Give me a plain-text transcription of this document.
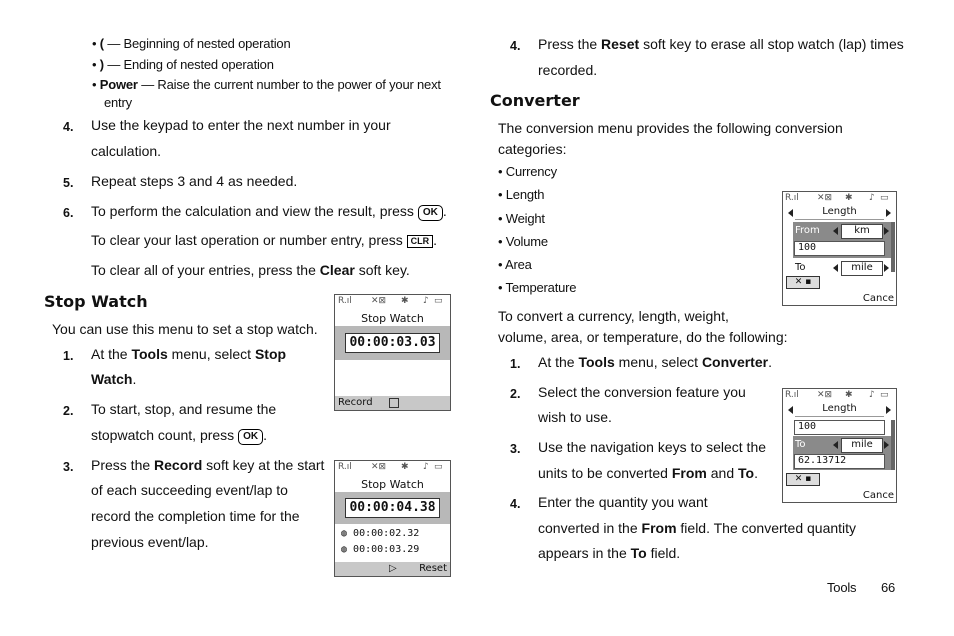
• ( — Beginning of nested operation
• ) — Ending of nested operation
• Power — Raise the current number to the power of your next
entry
4. Use the keypad to enter the next number in your
calculation.
5. Repeat steps 3 and 4 as needed.
6. To perform the calculation and view the result, press OK .
To clear your last operation or number entry, press CLR .
To clear all of your entries, press the Clear soft key.
Stop Watch
You can use this menu to set a stop watch.
1. At the Tools menu, select Stop
Watch.
2. To start, stop, and resume the
stopwatch count, press OK .
3. Press the Record soft key at the start
of each succeeding event/lap to
record the completion time for the
previous event/lap.
R.ıl ✕⊠ ✱ ♪ ▭
Stop Watch
00:00:03.03
Record
R.ıl ✕⊠ ✱ ♪ ▭
Stop Watch
00:00:04.38
◍ 00:00:02.32
◍ 00:00:03.29
▷ Reset
4. Press the Reset soft key to erase all stop watch (lap) times
recorded.
Converter
The conversion menu provides the following conversion
categories:
• Currency
• Length
• Weight
• Volume
• Area
• Temperature
To convert a currency, length, weight,
volume, area, or temperature, do the following:
1. At the Tools menu, select Converter.
2. Select the conversion feature you
wish to use.
3. Use the navigation keys to select the
units to be converted From and To.
4. Enter the quantity you want
converted in the From field. The converted quantity
appears in the To field.
R.ıl ✕⊠ ✱ ♪ ▭
Length
From	km
100
To	mile
✕ ▪
Cance
R.ıl ✕⊠ ✱ ♪ ▭
Length
100
To	mile
62.13712
✕ ▪
Cance
Tools 66
